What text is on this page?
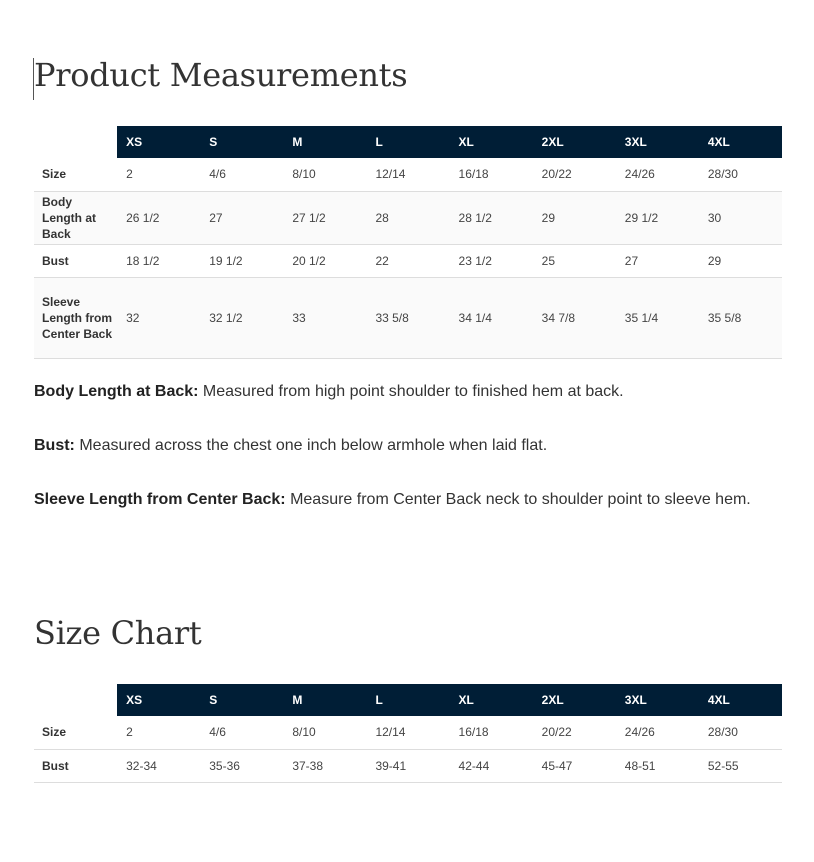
Product Measurements
	XS	S	M	L	XL	2XL	3XL	4XL
Size	2	4/6	8/10	12/14	16/18	20/22	24/26	28/30
Body Length at Back	26 1/2	27	27 1/2	28	28 1/2	29	29 1/2	30
Bust	18 1/2	19 1/2	20 1/2	22	23 1/2	25	27	29
Sleeve Length from Center Back	32	32 1/2	33	33 5/8	34 1/4	34 7/8	35 1/4	35 5/8

Body Length at Back: Measured from high point shoulder to finished hem at back.

Bust: Measured across the chest one inch below armhole when laid flat.

Sleeve Length from Center Back: Measure from Center Back neck to shoulder point to sleeve hem.

Size Chart
	XS	S	M	L	XL	2XL	3XL	4XL
Size	2	4/6	8/10	12/14	16/18	20/22	24/26	28/30
Bust	32-34	35-36	37-38	39-41	42-44	45-47	48-51	52-55
